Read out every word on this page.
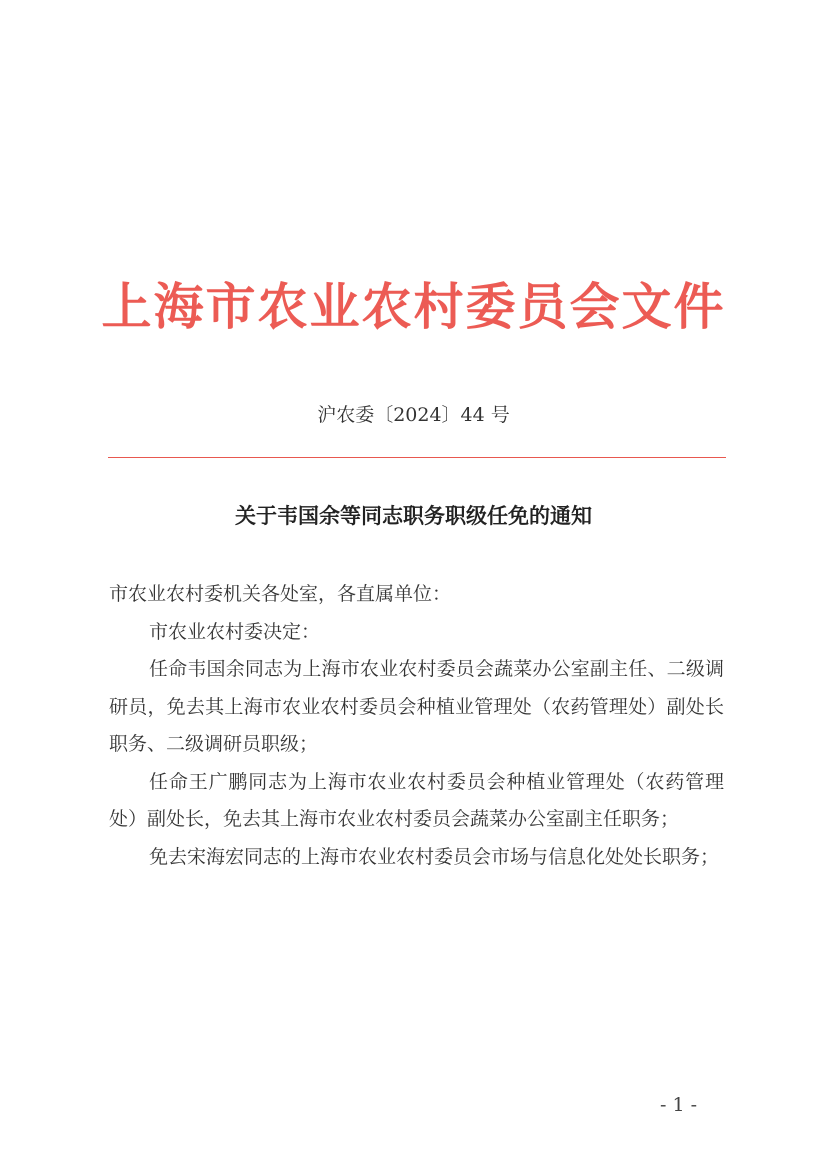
上海市农业农村委员会文件
沪农委〔2024〕44 号
关于韦国余等同志职务职级任免的通知

市农业农村委机关各处室，各直属单位：

市农业农村委决定：

任命韦国余同志为上海市农业农村委员会蔬菜办公室副主任、二级调研员，免去其上海市农业农村委员会种植业管理处（农药管理处）副处长职务、二级调研员职级；

任命王广鹏同志为上海市农业农村委员会种植业管理处（农药管理处）副处长，免去其上海市农业农村委员会蔬菜办公室副主任职务；

免去宋海宏同志的上海市农业农村委员会市场与信息化处处长职务；

- 1 -
